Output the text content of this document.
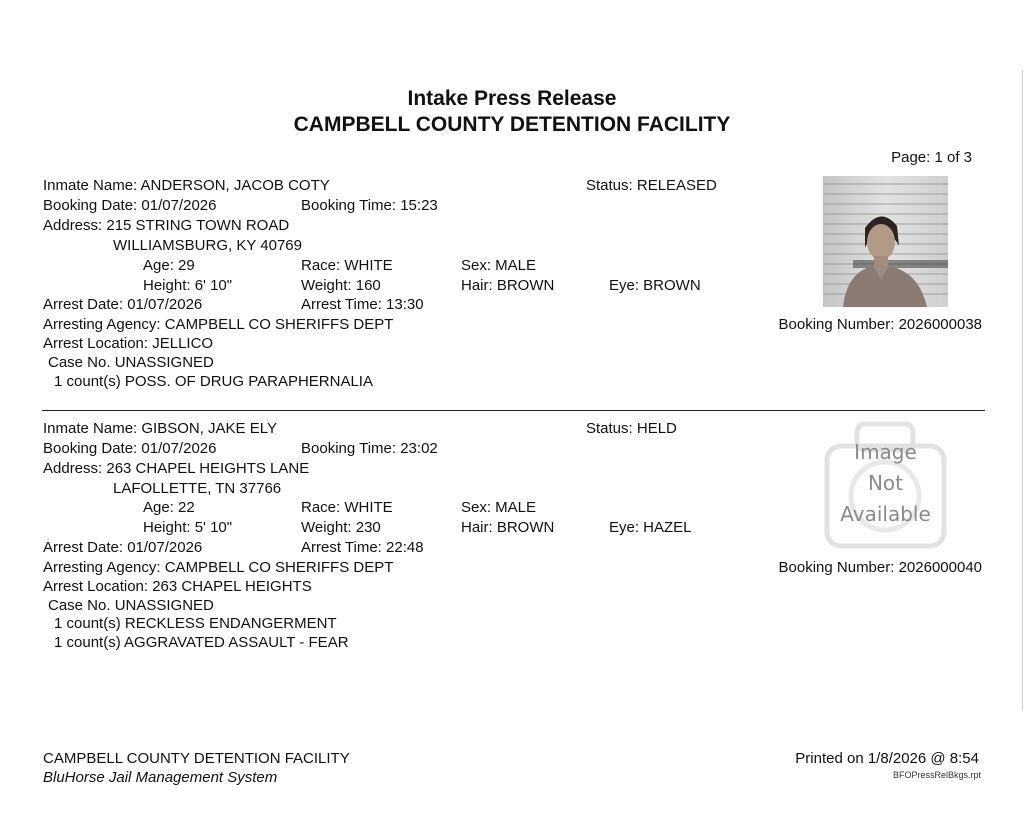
Intake Press Release
CAMPBELL COUNTY DETENTION FACILITY
Page: 1 of 3
Inmate Name: ANDERSON, JACOB COTY	Status: RELEASED
Booking Date: 01/07/2026	Booking Time: 15:23
Address: 215 STRING TOWN ROAD
WILLIAMSBURG, KY 40769
Age: 29	Race: WHITE	Sex: MALE
Height: 6' 10"	Weight: 160	Hair: BROWN	Eye: BROWN
Arrest Date: 01/07/2026	Arrest Time: 13:30
Arresting Agency: CAMPBELL CO SHERIFFS DEPT	Booking Number: 2026000038
Arrest Location: JELLICO
Case No. UNASSIGNED
1 count(s) POSS. OF DRUG PARAPHERNALIA
Inmate Name: GIBSON, JAKE ELY	Status: HELD
Booking Date: 01/07/2026	Booking Time: 23:02
Address: 263 CHAPEL HEIGHTS LANE
LAFOLLETTE, TN 37766
Age: 22	Race: WHITE	Sex: MALE
Height: 5' 10"	Weight: 230	Hair: BROWN	Eye: HAZEL
Arrest Date: 01/07/2026	Arrest Time: 22:48
Arresting Agency: CAMPBELL CO SHERIFFS DEPT	Booking Number: 2026000040
Arrest Location: 263 CHAPEL HEIGHTS
Case No. UNASSIGNED
1 count(s) RECKLESS ENDANGERMENT
1 count(s) AGGRAVATED ASSAULT - FEAR
Image
Not
Available
CAMPBELL COUNTY DETENTION FACILITY
BluHorse Jail Management System
Printed on 1/8/2026 @ 8:54
BFOPressRelBkgs.rpt
